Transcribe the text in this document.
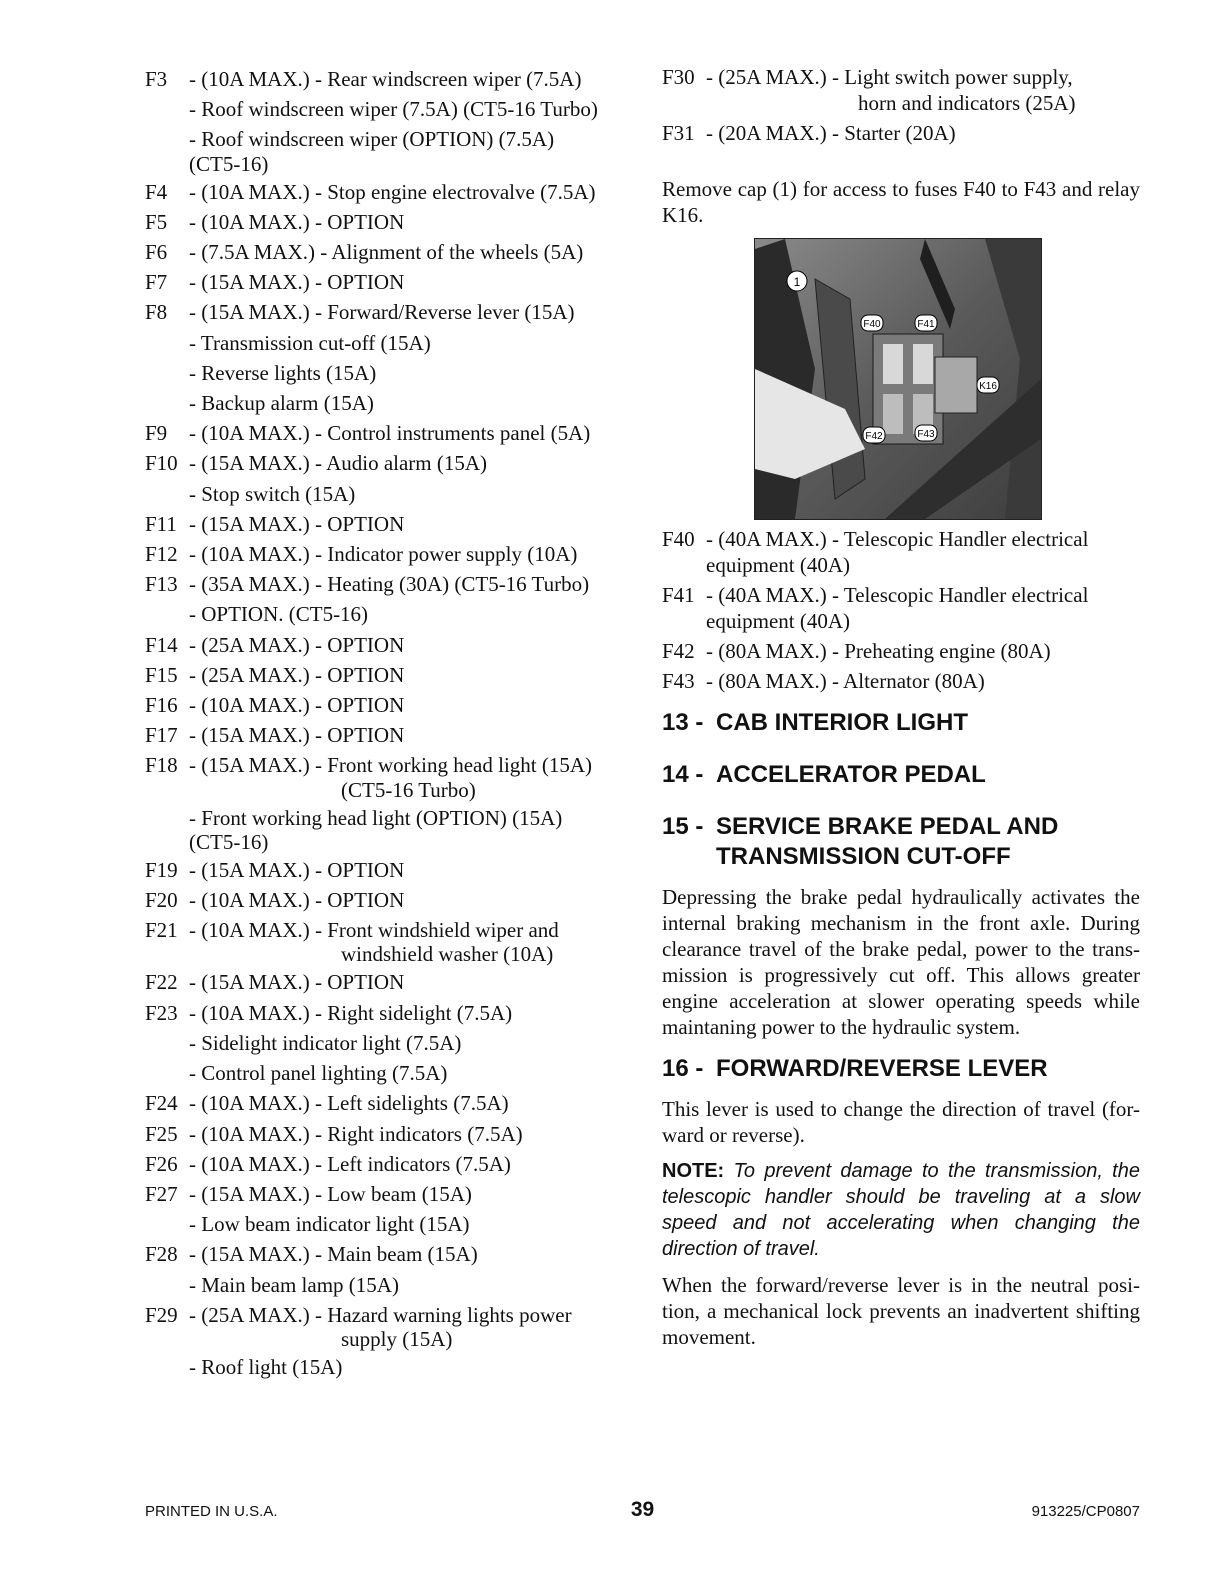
F3 - (10A MAX.) - Rear windscreen wiper (7.5A)
- Roof windscreen wiper (7.5A) (CT5-16 Turbo)
- Roof windscreen wiper (OPTION) (7.5A)
(CT5-16)
F4 - (10A MAX.) - Stop engine electrovalve (7.5A)
F5 - (10A MAX.) - OPTION
F6 - (7.5A MAX.) - Alignment of the wheels (5A)
F7 - (15A MAX.) - OPTION
F8 - (15A MAX.) - Forward/Reverse lever (15A)
- Transmission cut-off (15A)
- Reverse lights (15A)
- Backup alarm (15A)
F9 - (10A MAX.) - Control instruments panel (5A)
F10 - (15A MAX.) - Audio alarm (15A)
- Stop switch (15A)
F11 - (15A MAX.) - OPTION
F12 - (10A MAX.) - Indicator power supply (10A)
F13 - (35A MAX.) - Heating (30A) (CT5-16 Turbo)
- OPTION. (CT5-16)
F14 - (25A MAX.) - OPTION
F15 - (25A MAX.) - OPTION
F16 - (10A MAX.) - OPTION
F17 - (15A MAX.) - OPTION
F18 - (15A MAX.) - Front working head light (15A)
(CT5-16 Turbo)
- Front working head light (OPTION) (15A)
(CT5-16)
F19 - (15A MAX.) - OPTION
F20 - (10A MAX.) - OPTION
F21 - (10A MAX.) - Front windshield wiper and
windshield washer (10A)
F22 - (15A MAX.) - OPTION
F23 - (10A MAX.) - Right sidelight (7.5A)
- Sidelight indicator light (7.5A)
- Control panel lighting (7.5A)
F24 - (10A MAX.) - Left sidelights (7.5A)
F25 - (10A MAX.) - Right indicators (7.5A)
F26 - (10A MAX.) - Left indicators (7.5A)
F27 - (15A MAX.) - Low beam (15A)
- Low beam indicator light (15A)
F28 - (15A MAX.) - Main beam (15A)
- Main beam lamp (15A)
F29 - (25A MAX.) - Hazard warning lights power
supply (15A)
- Roof light (15A)
F30 - (25A MAX.) - Light switch power supply,
horn and indicators (25A)
F31 - (20A MAX.) - Starter (20A)

Remove cap (1) for access to fuses F40 to F43 and relay K16.

F40 - (40A MAX.) - Telescopic Handler electrical
equipment (40A)
F41 - (40A MAX.) - Telescopic Handler electrical
equipment (40A)
F42 - (80A MAX.) - Preheating engine (80A)
F43 - (80A MAX.) - Alternator (80A)
13 - CAB INTERIOR LIGHT
14 - ACCELERATOR PEDAL
15 - SERVICE BRAKE PEDAL AND
TRANSMISSION CUT-OFF

Depressing the brake pedal hydraulically activates the internal braking mechanism in the front axle. During clearance travel of the brake pedal, power to the trans-mission is progressively cut off. This allows greater engine acceleration at slower operating speeds while maintaning power to the hydraulic system.

16 - FORWARD/REVERSE LEVER

This lever is used to change the direction of travel (for-ward or reverse).

NOTE: To prevent damage to the transmission, the telescopic handler should be traveling at a slow speed and not accelerating when changing the direction of travel.

When the forward/reverse lever is in the neutral posi-tion, a mechanical lock prevents an inadvertent shifting movement.

1
F40	F41
K16
F42	F43
PRINTED IN U.S.A.	39	913225/CP0807
